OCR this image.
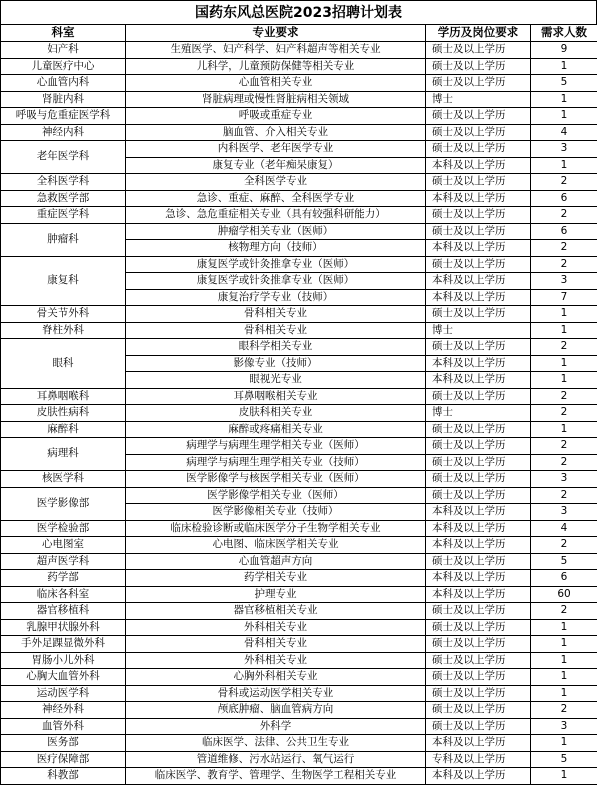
国药东风总医院2023招聘计划表
科室	专业要求	学历及岗位要求	需求人数
妇产科	生殖医学、妇产科学、妇产科超声等相关专业	硕士及以上学历	9
儿童医疗中心	儿科学，儿童预防保健等相关专业	硕士及以上学历	1
心血管内科	心血管相关专业	硕士及以上学历	5
肾脏内科	肾脏病理或慢性肾脏病相关领域	博士	1
呼吸与危重症医学科	呼吸或重症专业	硕士及以上学历	1
神经内科	脑血管、介入相关专业	硕士及以上学历	4
老年医学科	内科医学、老年医学专业	硕士及以上学历	3
	康复专业（老年痴呆康复）	本科及以上学历	1
全科医学科	全科医学专业	硕士及以上学历	2
急救医学部	急诊、重症、麻醉、全科医学专业	本科及以上学历	6
重症医学科	急诊、急危重症相关专业（具有较强科研能力）	硕士及以上学历	2
肿瘤科	肿瘤学相关专业（医师）	硕士及以上学历	6
	核物理方向（技师）	本科及以上学历	2
康复科	康复医学或针灸推拿专业（医师）	硕士及以上学历	2
	康复医学或针灸推拿专业（医师）	本科及以上学历	3
	康复治疗学专业（技师）	本科及以上学历	7
骨关节外科	骨科相关专业	硕士及以上学历	1
脊柱外科	骨科相关专业	博士	1
眼科	眼科学相关专业	硕士及以上学历	2
	影像专业（技师）	本科及以上学历	1
	眼视光专业	本科及以上学历	1
耳鼻咽喉科	耳鼻咽喉相关专业	硕士及以上学历	2
皮肤性病科	皮肤科相关专业	博士	2
麻醉科	麻醉或疼痛相关专业	硕士及以上学历	1
病理科	病理学与病理生理学相关专业（医师）	硕士及以上学历	2
	病理学与病理生理学相关专业（技师）	硕士及以上学历	2
核医学科	医学影像学与核医学相关专业（医师）	硕士及以上学历	3
医学影像部	医学影像学相关专业（医师）	硕士及以上学历	2
	医学影像相关专业（技师）	本科及以上学历	3
医学检验部	临床检验诊断或临床医学分子生物学相关专业	本科及以上学历	4
心电图室	心电图、临床医学相关专业	本科及以上学历	2
超声医学科	心血管超声方向	硕士及以上学历	5
药学部	药学相关专业	本科及以上学历	6
临床各科室	护理专业	本科及以上学历	60
器官移植科	器官移植相关专业	硕士及以上学历	2
乳腺甲状腺外科	外科相关专业	硕士及以上学历	1
手外足踝显微外科	骨科相关专业	硕士及以上学历	1
胃肠小儿外科	外科相关专业	硕士及以上学历	1
心胸大血管外科	心胸外科相关专业	硕士及以上学历	1
运动医学科	骨科或运动医学相关专业	硕士及以上学历	1
神经外科	颅底肿瘤、脑血管病方向	硕士及以上学历	2
血管外科	外科学	硕士及以上学历	3
医务部	临床医学、法律、公共卫生专业	本科及以上学历	1
医疗保障部	管道维修、污水站运行、氧气运行	专科及以上学历	5
科教部	临床医学、教育学、管理学、生物医学工程相关专业	本科及以上学历	1
